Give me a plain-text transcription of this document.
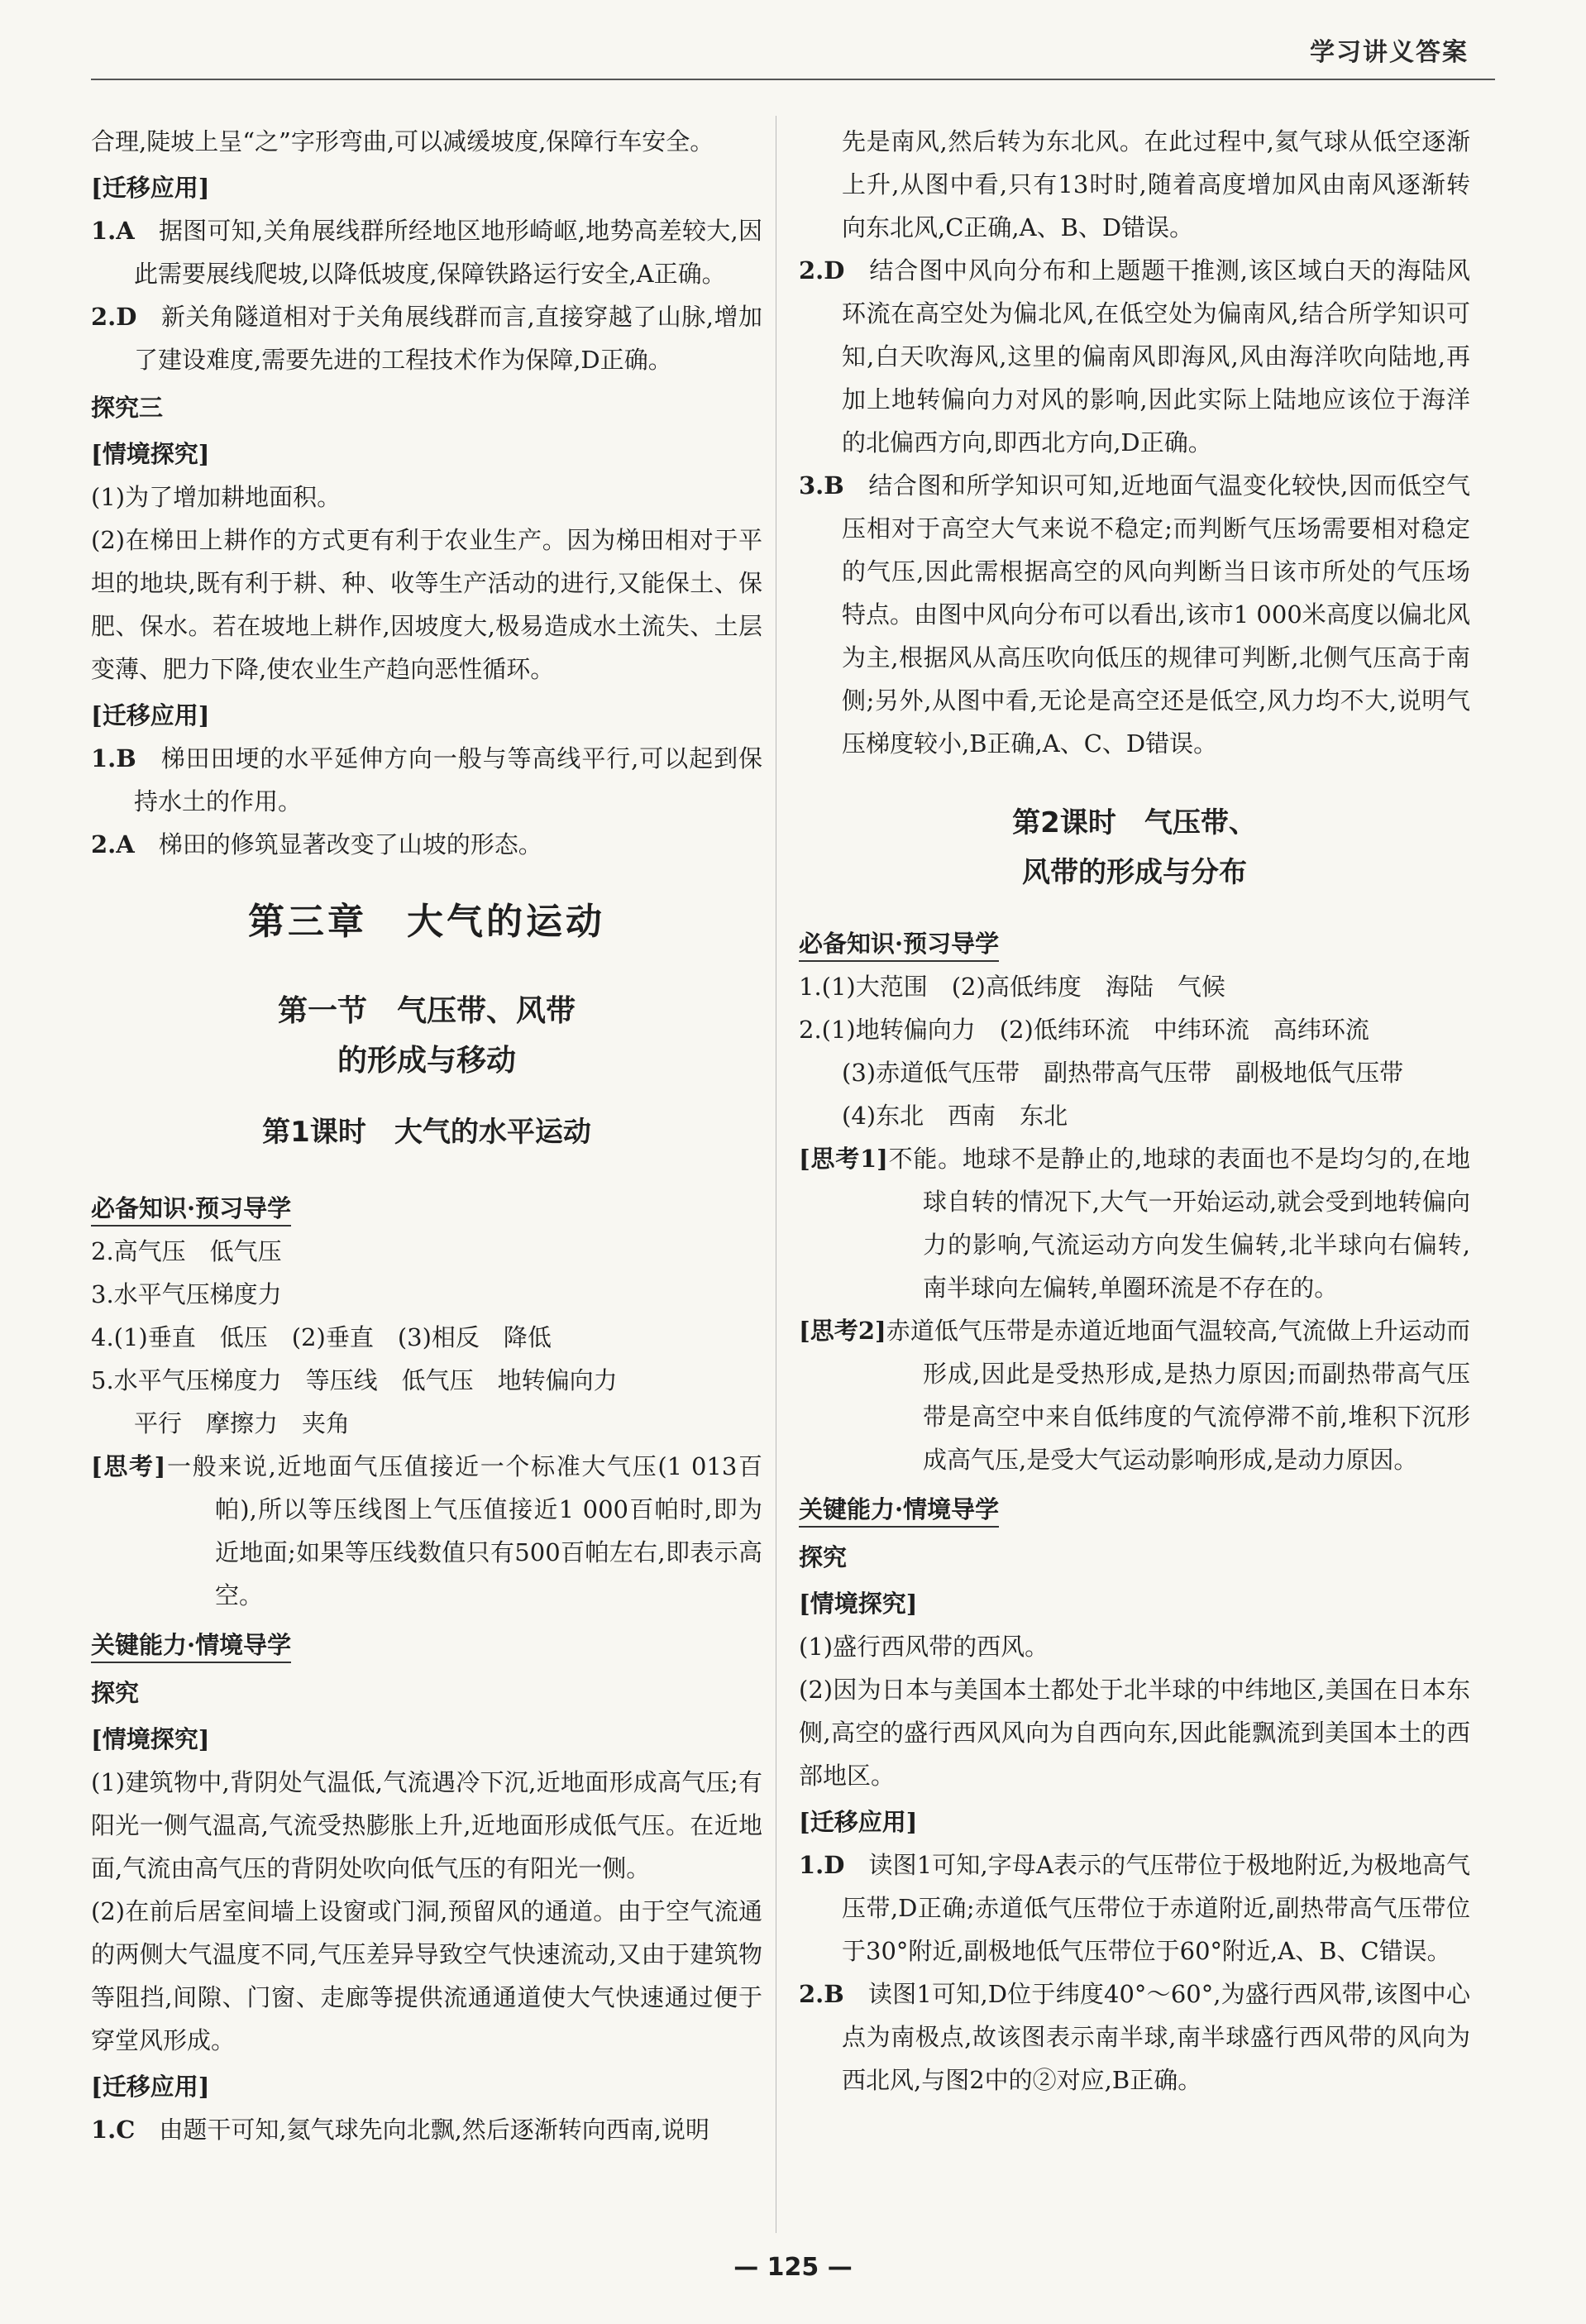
学习讲义答案

合理,陡坡上呈“之”字形弯曲,可以减缓坡度,保障行车安全。

[迁移应用]

1.A  据图可知,关角展线群所经地区地形崎岖,地势高差较大,因此需要展线爬坡,以降低坡度,保障铁路运行安全,A正确。

2.D  新关角隧道相对于关角展线群而言,直接穿越了山脉,增加了建设难度,需要先进的工程技术作为保障,D正确。

探究三

[情境探究]

(1)为了增加耕地面积。

(2)在梯田上耕作的方式更有利于农业生产。因为梯田相对于平坦的地块,既有利于耕、种、收等生产活动的进行,又能保土、保肥、保水。若在坡地上耕作,因坡度大,极易造成水土流失、土层变薄、肥力下降,使农业生产趋向恶性循环。

[迁移应用]

1.B  梯田田埂的水平延伸方向一般与等高线平行,可以起到保持水土的作用。

2.A  梯田的修筑显著改变了山坡的形态。

第三章　大气的运动
第一节　气压带、风带
的形成与移动
第1课时　大气的水平运动
必备知识·预习导学

2.高气压　低气压

3.水平气压梯度力

4.(1)垂直　低压　(2)垂直　(3)相反　降低

5.水平气压梯度力　等压线　低气压　地转偏向力

平行　摩擦力　夹角

[思考]一般来说,近地面气压值接近一个标准大气压(1 013百帕),所以等压线图上气压值接近1 000百帕时,即为近地面;如果等压线数值只有500百帕左右,即表示高空。

关键能力·情境导学

探究

[情境探究]

(1)建筑物中,背阴处气温低,气流遇冷下沉,近地面形成高气压;有阳光一侧气温高,气流受热膨胀上升,近地面形成低气压。在近地面,气流由高气压的背阴处吹向低气压的有阳光一侧。

(2)在前后居室间墙上设窗或门洞,预留风的通道。由于空气流通的两侧大气温度不同,气压差异导致空气快速流动,又由于建筑物等阻挡,间隙、门窗、走廊等提供流通通道使大气快速通过便于穿堂风形成。

[迁移应用]

1.C  由题干可知,氦气球先向北飘,然后逐渐转向西南,说明

先是南风,然后转为东北风。在此过程中,氦气球从低空逐渐上升,从图中看,只有13时时,随着高度增加风由南风逐渐转向东北风,C正确,A、B、D错误。

2.D  结合图中风向分布和上题题干推测,该区域白天的海陆风环流在高空处为偏北风,在低空处为偏南风,结合所学知识可知,白天吹海风,这里的偏南风即海风,风由海洋吹向陆地,再加上地转偏向力对风的影响,因此实际上陆地应该位于海洋的北偏西方向,即西北方向,D正确。

3.B  结合图和所学知识可知,近地面气温变化较快,因而低空气压相对于高空大气来说不稳定;而判断气压场需要相对稳定的气压,因此需根据高空的风向判断当日该市所处的气压场特点。由图中风向分布可以看出,该市1 000米高度以偏北风为主,根据风从高压吹向低压的规律可判断,北侧气压高于南侧;另外,从图中看,无论是高空还是低空,风力均不大,说明气压梯度较小,B正确,A、C、D错误。

第2课时　气压带、
风带的形成与分布
必备知识·预习导学

1.(1)大范围　(2)高低纬度　海陆　气候

2.(1)地转偏向力　(2)低纬环流　中纬环流　高纬环流

(3)赤道低气压带　副热带高气压带　副极地低气压带

(4)东北　西南　东北

[思考1]不能。地球不是静止的,地球的表面也不是均匀的,在地球自转的情况下,大气一开始运动,就会受到地转偏向力的影响,气流运动方向发生偏转,北半球向右偏转,南半球向左偏转,单圈环流是不存在的。

[思考2]赤道低气压带是赤道近地面气温较高,气流做上升运动而形成,因此是受热形成,是热力原因;而副热带高气压带是高空中来自低纬度的气流停滞不前,堆积下沉形成高气压,是受大气运动影响形成,是动力原因。

关键能力·情境导学

探究

[情境探究]

(1)盛行西风带的西风。

(2)因为日本与美国本土都处于北半球的中纬地区,美国在日本东侧,高空的盛行西风风向为自西向东,因此能飘流到美国本土的西部地区。

[迁移应用]

1.D  读图1可知,字母A表示的气压带位于极地附近,为极地高气压带,D正确;赤道低气压带位于赤道附近,副热带高气压带位于30°附近,副极地低气压带位于60°附近,A、B、C错误。

2.B  读图1可知,D位于纬度40°～60°,为盛行西风带,该图中心点为南极点,故该图表示南半球,南半球盛行西风带的风向为西北风,与图2中的②对应,B正确。

— 125 —
